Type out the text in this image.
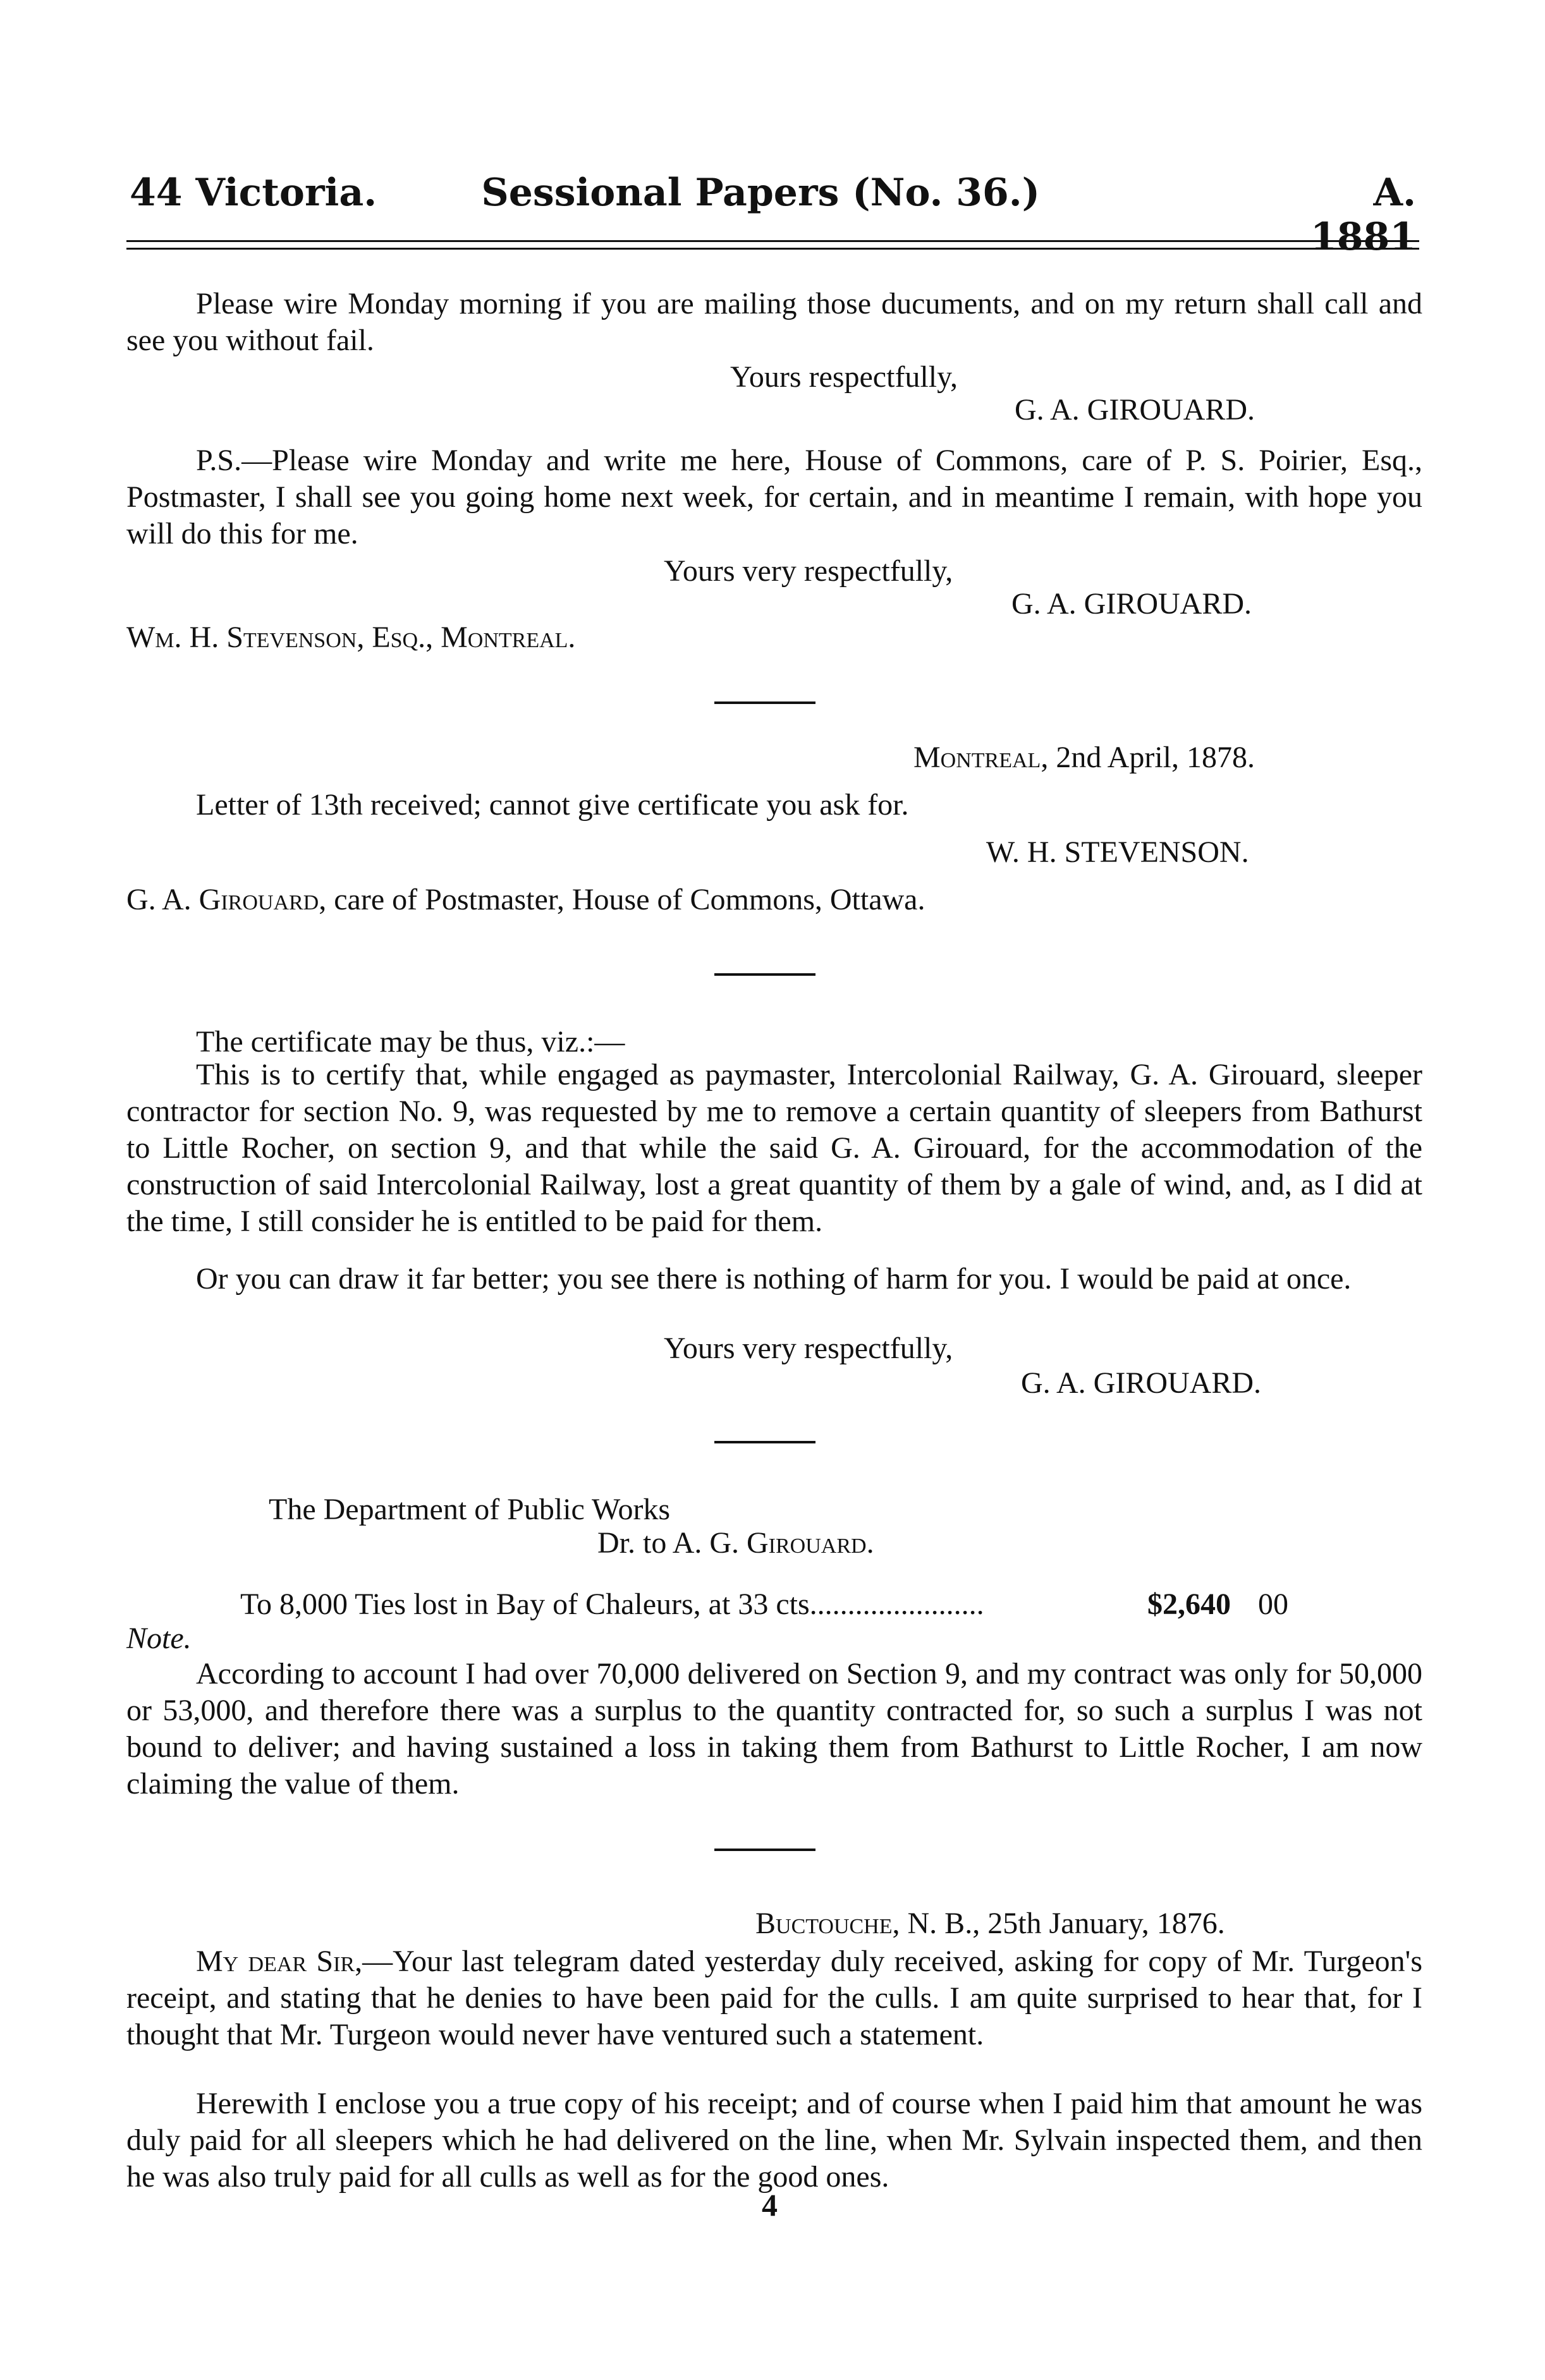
44 Victoria.	Sessional Papers (No. 36.)	A. 1881
Please wire Monday morning if you are mailing those ducuments, and on my return shall call and see you without fail.
Yours respectfully,
G. A. GIROUARD.
P.S.—Please wire Monday and write me here, House of Commons, care of P. S. Poirier, Esq., Postmaster, I shall see you going home next week, for certain, and in meantime I remain, with hope you will do this for me.
Yours very respectfully,
G. A. GIROUARD.
Wm. H. Stevenson, Esq., Montreal.
Montreal, 2nd April, 1878.
Letter of 13th received; cannot give certificate you ask for.
W. H. STEVENSON.
G. A. Girouard, care of Postmaster, House of Commons, Ottawa.
The certificate may be thus, viz.:—
This is to certify that, while engaged as paymaster, Intercolonial Railway, G. A. Girouard, sleeper contractor for section No. 9, was requested by me to remove a certain quantity of sleepers from Bathurst to Little Rocher, on section 9, and that while the said G. A. Girouard, for the accommodation of the construction of said Intercolonial Railway, lost a great quantity of them by a gale of wind, and, as I did at the time, I still consider he is entitled to be paid for them.
Or you can draw it far better; you see there is nothing of harm for you. I would be paid at once.
Yours very respectfully,
G. A. GIROUARD.
The Department of Public Works
Dr. to A. G. Girouard.
To 8,000 Ties lost in Bay of Chaleurs, at 33 cts.......................	$2,640 00
Note.
According to account I had over 70,000 delivered on Section 9, and my contract was only for 50,000 or 53,000, and therefore there was a surplus to the quantity contracted for, so such a surplus I was not bound to deliver; and having sustained a loss in taking them from Bathurst to Little Rocher, I am now claiming the value of them.
Buctouche, N. B., 25th January, 1876.
My dear Sir,—Your last telegram dated yesterday duly received, asking for copy of Mr. Turgeon's receipt, and stating that he denies to have been paid for the culls. I am quite surprised to hear that, for I thought that Mr. Turgeon would never have ventured such a statement.
Herewith I enclose you a true copy of his receipt; and of course when I paid him that amount he was duly paid for all sleepers which he had delivered on the line, when Mr. Sylvain inspected them, and then he was also truly paid for all culls as well as for the good ones.
4
